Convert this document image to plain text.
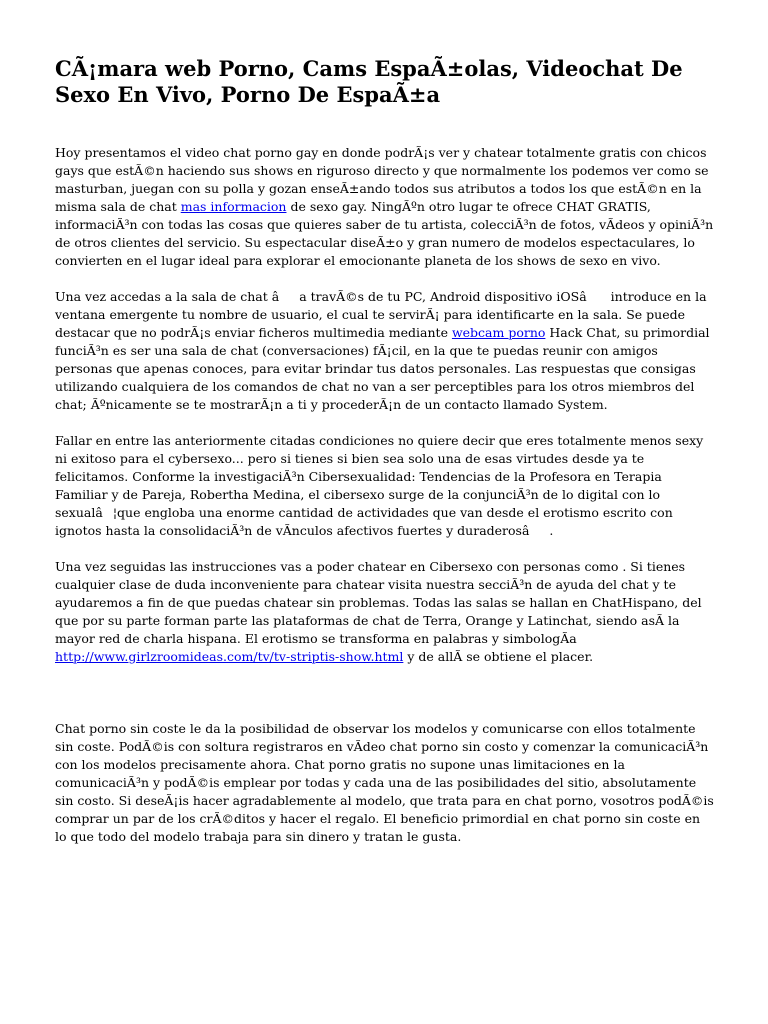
CÃ¡mara web Porno, Cams EspaÃ±olas, Videochat De Sexo En Vivo, Porno De EspaÃ±a

Hoy presentamos el video chat porno gay en donde podrÃ¡s ver y chatear totalmente gratis con chicos gays que estÃ©n haciendo sus shows en riguroso directo y que normalmente los podemos ver como se masturban, juegan con su polla y gozan enseÃ±ando todos sus atributos a todos los que estÃ©n en la misma sala de chat mas informacion de sexo gay. NingÃºn otro lugar te ofrece CHAT GRATIS, informaciÃ³n con todas las cosas que quieres saber de tu artista, colecciÃ³n de fotos, vÃdeos y opiniÃ³n de otros clientes del servicio. Su espectacular diseÃ±o y gran numero de modelos espectaculares, lo convierten en el lugar ideal para explorar el emocionante planeta de los shows de sexo en vivo.

Una vez accedas a la sala de chat âa travÃ©s de tu PC, Android dispositivo iOSâ introduce en la ventana emergente tu nombre de usuario, el cual te servirÃ¡ para identificarte en la sala. Se puede destacar que no podrÃ¡s enviar ficheros multimedia mediante webcam porno Hack Chat, su primordial funciÃ³n es ser una sala de chat (conversaciones) fÃ¡cil, en la que te puedas reunir con amigos personas que apenas conoces, para evitar brindar tus datos personales. Las respuestas que consigas utilizando cualquiera de los comandos de chat no van a ser perceptibles para los otros miembros del chat; Ãºnicamente se te mostrarÃ¡n a ti y procederÃ¡n de un contacto llamado System.

Fallar en entre las anteriormente citadas condiciones no quiere decir que eres totalmente menos sexy ni exitoso para el cybersexo... pero si tienes si bien sea solo una de esas virtudes desde ya te felicitamos. Conforme la investigaciÃ³n Cibersexualidad: Tendencias de la Profesora en Terapia Familiar y de Pareja, Robertha Medina, el cibersexo surge de la conjunciÃ³n de lo digital con lo sexualâ¦que engloba una enorme cantidad de actividades que van desde el erotismo escrito con ignotos hasta la consolidaciÃ³n de vÃnculos afectivos fuertes y duraderosâ.

Una vez seguidas las instrucciones vas a poder chatear en Cibersexo con personas como . Si tienes cualquier clase de duda inconveniente para chatear visita nuestra secciÃ³n de ayuda del chat y te ayudaremos a fin de que puedas chatear sin problemas. Todas las salas se hallan en ChatHispano, del que por su parte forman parte las plataformas de chat de Terra, Orange y Latinchat, siendo asÃ la mayor red de charla hispana. El erotismo se transforma en palabras y simbologÃa http://www.girlzroomideas.com/tv/tv-striptis-show.html y de allÃ se obtiene el placer.

Chat porno sin coste le da la posibilidad de observar los modelos y comunicarse con ellos totalmente sin coste. PodÃ©is con soltura registraros en vÃdeo chat porno sin costo y comenzar la comunicaciÃ³n con los modelos precisamente ahora. Chat porno gratis no supone unas limitaciones en la comunicaciÃ³n y podÃ©is emplear por todas y cada una de las posibilidades del sitio, absolutamente sin costo. Si deseÃ¡is hacer agradablemente al modelo, que trata para en chat porno, vosotros podÃ©is comprar un par de los crÃ©ditos y hacer el regalo. El beneficio primordial en chat porno sin coste en lo que todo del modelo trabaja para sin dinero y tratan le gusta.
